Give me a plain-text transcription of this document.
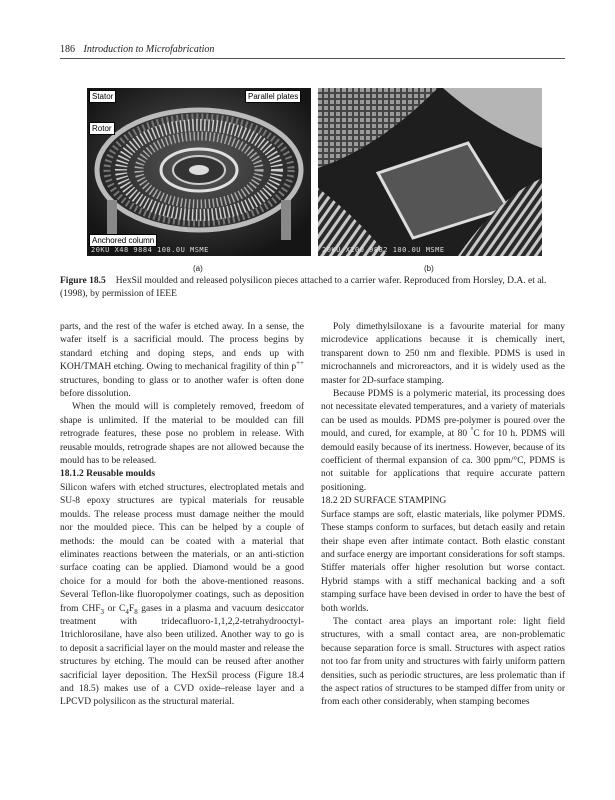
186 Introduction to Microfabrication
Stator	Parallel plates
Rotor
Anchored column
20KU X48 9884 100.0U MSME	20KU X200 9882 100.0U MSME
(a)	(b)
Figure 18.5 HexSil moulded and released polysilicon pieces attached to a carrier wafer. Reproduced from Horsley, D.A. et al. (1998), by permission of IEEE

parts, and the rest of the wafer is etched away. In a sense, the wafer itself is a sacrificial mould. The process begins by standard etching and doping steps, and ends up with KOH/TMAH etching. Owing to mechanical fragility of thin p++ structures, bonding to glass or to another wafer is often done before dissolution.

When the mould will is completely removed, freedom of shape is unlimited. If the material to be moulded can fill retrograde features, these pose no problem in release. With reusable moulds, retrograde shapes are not allowed because the mould has to be released.

18.1.2 Reusable moulds

Silicon wafers with etched structures, electroplated metals and SU-8 epoxy structures are typical materials for reusable moulds. The release process must damage neither the mould nor the moulded piece. This can be helped by a couple of methods: the mould can be coated with a material that eliminates reactions between the materials, or an anti-stiction surface coating can be applied. Diamond would be a good choice for a mould for both the above-mentioned reasons. Several Teflon-like fluoropolymer coatings, such as deposition from $CHF_3$ or $C_4F_8$ gases in a plasma and vacuum desiccator treatment with tridecafluoro-1,1,2,2-tetrahydrooctyl-1trichlorosilane, have also been utilized. Another way to go is to deposit a sacrificial layer on the mould master and release the structures by etching. The mould can be reused after another sacrificial layer deposition. The HexSil process (Figure 18.4 and 18.5) makes use of a CVD oxide–release layer and a LPCVD polysilicon as the structural material.

Poly dimethylsiloxane is a favourite material for many microdevice applications because it is chemically inert, transparent down to 250 nm and flexible. PDMS is used in microchannels and microreactors, and it is widely used as the master for 2D-surface stamping.

Because PDMS is a polymeric material, its processing does not necessitate elevated temperatures, and a variety of materials can be used as moulds. PDMS pre-polymer is poured over the mould, and cured, for example, at 80 °C for 10 h. PDMS will demould easily because of its inertness. However, because of its coefficient of thermal expansion of ca. 300 ppm/°C, PDMS is not suitable for applications that require accurate pattern positioning.

18.2 2D SURFACE STAMPING

Surface stamps are soft, elastic materials, like polymer PDMS. These stamps conform to surfaces, but detach easily and retain their shape even after intimate contact. Both elastic constant and surface energy are important considerations for soft stamps. Stiffer materials offer higher resolution but worse contact. Hybrid stamps with a stiff mechanical backing and a soft stamping surface have been devised in order to have the best of both worlds.

The contact area plays an important role: light field structures, with a small contact area, are non-problematic because separation force is small. Structures with aspect ratios not too far from unity and structures with fairly uniform pattern densities, such as periodic structures, are less prolematic than if the aspect ratios of structures to be stamped differ from unity or from each other considerably, when stamping becomes
